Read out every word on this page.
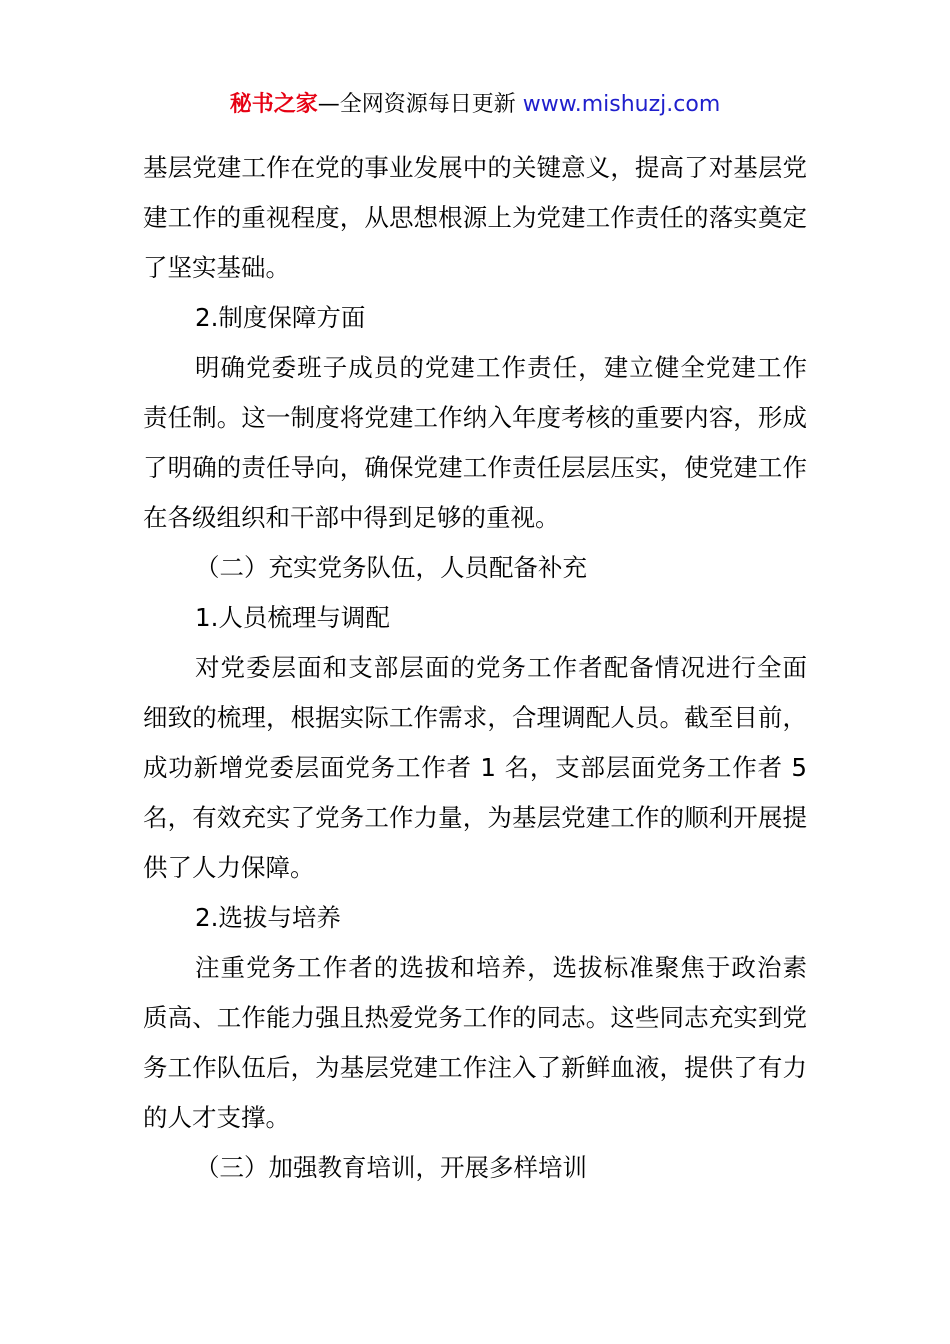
秘书之家—全网资源每日更新 www.mishuzj.com

基层党建工作在党的事业发展中的关键意义，提高了对基层党建工作的重视程度，从思想根源上为党建工作责任的落实奠定了坚实基础。

2.制度保障方面

明确党委班子成员的党建工作责任，建立健全党建工作责任制。这一制度将党建工作纳入年度考核的重要内容，形成了明确的责任导向，确保党建工作责任层层压实，使党建工作在各级组织和干部中得到足够的重视。

（二）充实党务队伍，人员配备补充

1.人员梳理与调配

对党委层面和支部层面的党务工作者配备情况进行全面细致的梳理，根据实际工作需求，合理调配人员。截至目前，成功新增党委层面党务工作者 1 名，支部层面党务工作者 5 名，有效充实了党务工作力量，为基层党建工作的顺利开展提供了人力保障。

2.选拔与培养

注重党务工作者的选拔和培养，选拔标准聚焦于政治素质高、工作能力强且热爱党务工作的同志。这些同志充实到党务工作队伍后，为基层党建工作注入了新鲜血液，提供了有力的人才支撑。

（三）加强教育培训，开展多样培训
